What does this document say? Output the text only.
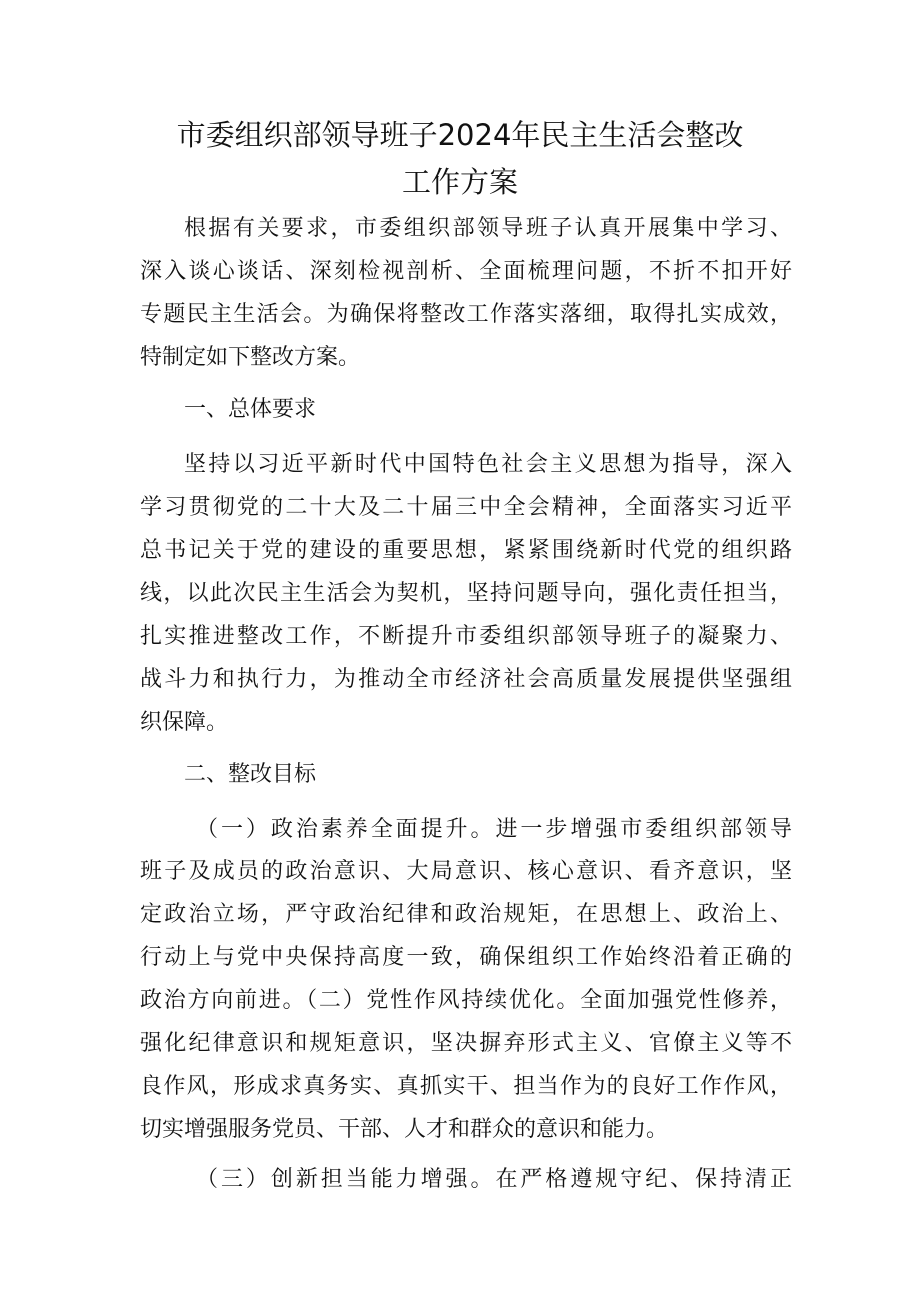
市委组织部领导班子2024年民主生活会整改
工作方案
根据有关要求，市委组织部领导班子认真开展集中学习、
深入谈心谈话、深刻检视剖析、全面梳理问题，不折不扣开好
专题民主生活会。为确保将整改工作落实落细，取得扎实成效，
特制定如下整改方案。
一、总体要求
坚持以习近平新时代中国特色社会主义思想为指导，深入
学习贯彻党的二十大及二十届三中全会精神，全面落实习近平
总书记关于党的建设的重要思想，紧紧围绕新时代党的组织路
线，以此次民主生活会为契机，坚持问题导向，强化责任担当，
扎实推进整改工作，不断提升市委组织部领导班子的凝聚力、
战斗力和执行力，为推动全市经济社会高质量发展提供坚强组
织保障。
二、整改目标
（一）政治素养全面提升。进一步增强市委组织部领导
班子及成员的政治意识、大局意识、核心意识、看齐意识，坚
定政治立场，严守政治纪律和政治规矩，在思想上、政治上、
行动上与党中央保持高度一致，确保组织工作始终沿着正确的
政治方向前进。（二）党性作风持续优化。全面加强党性修养，
强化纪律意识和规矩意识，坚决摒弃形式主义、官僚主义等不
良作风，形成求真务实、真抓实干、担当作为的良好工作作风，
切实增强服务党员、干部、人才和群众的意识和能力。
（三）创新担当能力增强。在严格遵规守纪、保持清正
